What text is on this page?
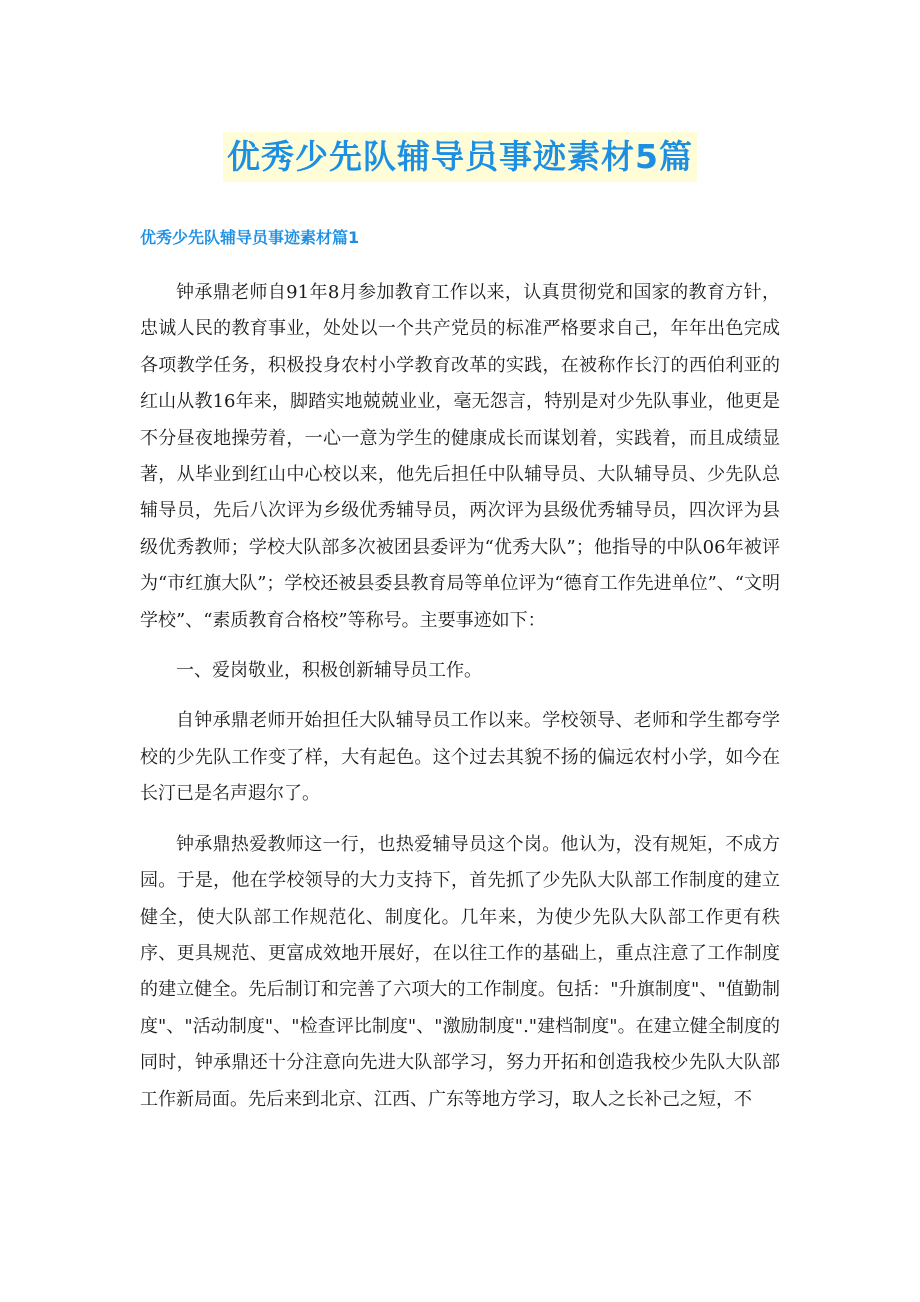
优秀少先队辅导员事迹素材5篇
优秀少先队辅导员事迹素材篇1

钟承鼎老师自91年8月参加教育工作以来，认真贯彻党和国家的教育方针，忠诚人民的教育事业，处处以一个共产党员的标准严格要求自己，年年出色完成各项教学任务，积极投身农村小学教育改革的实践，在被称作长汀的西伯利亚的红山从教16年来，脚踏实地兢兢业业，毫无怨言，特别是对少先队事业，他更是不分昼夜地操劳着，一心一意为学生的健康成长而谋划着，实践着，而且成绩显著，从毕业到红山中心校以来，他先后担任中队辅导员、大队辅导员、少先队总辅导员，先后八次评为乡级优秀辅导员，两次评为县级优秀辅导员，四次评为县级优秀教师；学校大队部多次被团县委评为“优秀大队”；他指导的中队06年被评为“市红旗大队”；学校还被县委县教育局等单位评为“德育工作先进单位”、“文明学校”、“素质教育合格校”等称号。主要事迹如下：

一、爱岗敬业，积极创新辅导员工作。

自钟承鼎老师开始担任大队辅导员工作以来。学校领导、老师和学生都夸学校的少先队工作变了样，大有起色。这个过去其貌不扬的偏远农村小学，如今在长汀已是名声遐尔了。

钟承鼎热爱教师这一行，也热爱辅导员这个岗。他认为，没有规矩，不成方园。于是，他在学校领导的大力支持下，首先抓了少先队大队部工作制度的建立健全，使大队部工作规范化、制度化。几年来，为使少先队大队部工作更有秩序、更具规范、更富成效地开展好，在以往工作的基础上，重点注意了工作制度的建立健全。先后制订和完善了六项大的工作制度。包括："升旗制度"、"值勤制度"、"活动制度"、"检查评比制度"、"激励制度"."建档制度"。在建立健全制度的同时，钟承鼎还十分注意向先进大队部学习，努力开拓和创造我校少先队大队部工作新局面。先后来到北京、江西、广东等地方学习，取人之长补己之短，不
